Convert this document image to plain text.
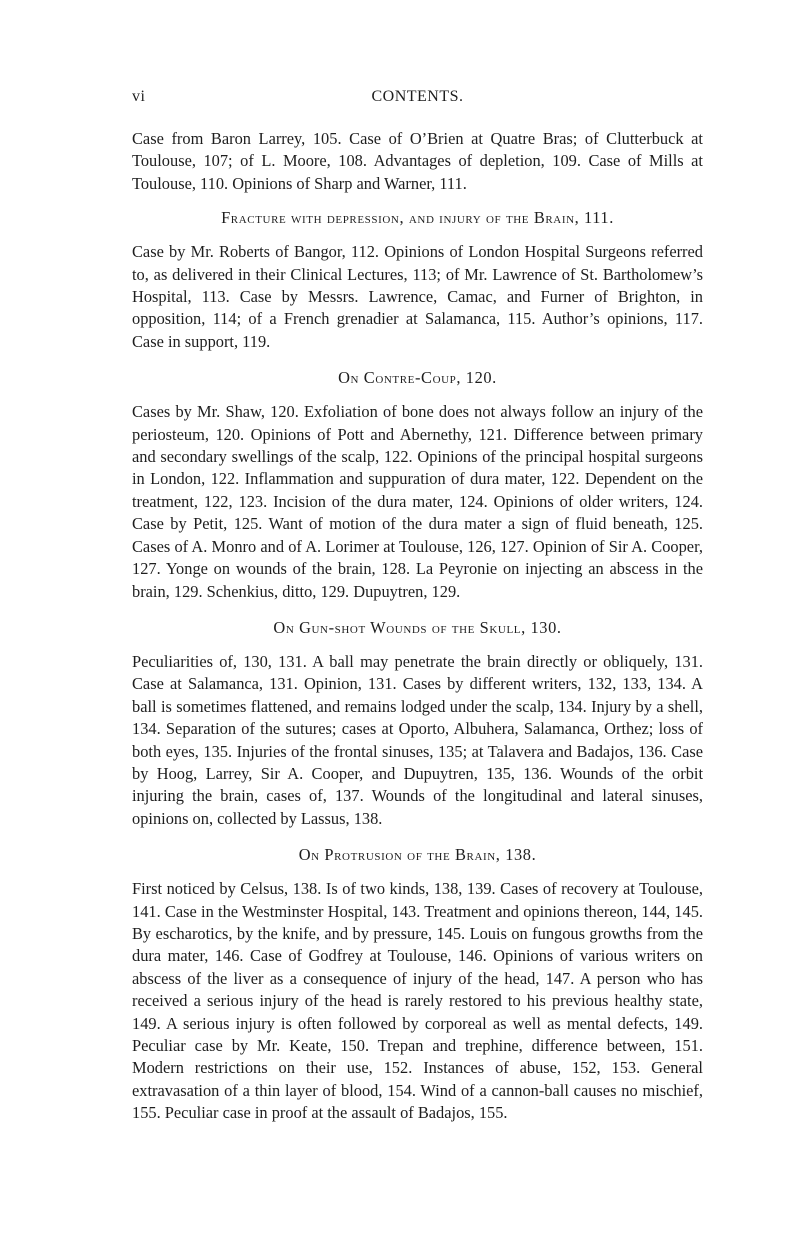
vi	CONTENTS.

Case from Baron Larrey, 105. Case of O’Brien at Quatre Bras; of Clutterbuck at Toulouse, 107; of L. Moore, 108. Advantages of depletion, 109. Case of Mills at Toulouse, 110. Opinions of Sharp and Warner, 111.

Fracture with depression, and injury of the Brain, 111.

Case by Mr. Roberts of Bangor, 112. Opinions of London Hospital Surgeons referred to, as delivered in their Clinical Lectures, 113; of Mr. Lawrence of St. Bartholomew’s Hospital, 113. Case by Messrs. Lawrence, Camac, and Furner of Brighton, in opposition, 114; of a French grenadier at Salamanca, 115. Author’s opinions, 117. Case in support, 119.

On Contre-Coup, 120.

Cases by Mr. Shaw, 120. Exfoliation of bone does not always follow an injury of the periosteum, 120. Opinions of Pott and Abernethy, 121. Difference between primary and secondary swellings of the scalp, 122. Opinions of the principal hospital surgeons in London, 122. Inflammation and suppuration of dura mater, 122. Dependent on the treatment, 122, 123. Incision of the dura mater, 124. Opinions of older writers, 124. Case by Petit, 125. Want of motion of the dura mater a sign of fluid beneath, 125. Cases of A. Monro and of A. Lorimer at Toulouse, 126, 127. Opinion of Sir A. Cooper, 127. Yonge on wounds of the brain, 128. La Peyronie on injecting an abscess in the brain, 129. Schenkius, ditto, 129. Dupuytren, 129.

On Gun-shot Wounds of the Skull, 130.

Peculiarities of, 130, 131. A ball may penetrate the brain directly or obliquely, 131. Case at Salamanca, 131. Opinion, 131. Cases by different writers, 132, 133, 134. A ball is sometimes flattened, and remains lodged under the scalp, 134. Injury by a shell, 134. Separation of the sutures; cases at Oporto, Albuhera, Salamanca, Orthez; loss of both eyes, 135. Injuries of the frontal sinuses, 135; at Talavera and Badajos, 136. Case by Hoog, Larrey, Sir A. Cooper, and Dupuytren, 135, 136. Wounds of the orbit injuring the brain, cases of, 137. Wounds of the longitudinal and lateral sinuses, opinions on, collected by Lassus, 138.

On Protrusion of the Brain, 138.

First noticed by Celsus, 138. Is of two kinds, 138, 139. Cases of recovery at Toulouse, 141. Case in the Westminster Hospital, 143. Treatment and opinions thereon, 144, 145. By escharotics, by the knife, and by pressure, 145. Louis on fungous growths from the dura mater, 146. Case of Godfrey at Toulouse, 146. Opinions of various writers on abscess of the liver as a consequence of injury of the head, 147. A person who has received a serious injury of the head is rarely restored to his previous healthy state, 149. A serious injury is often followed by corporeal as well as mental defects, 149. Peculiar case by Mr. Keate, 150. Trepan and trephine, difference between, 151. Modern restrictions on their use, 152. Instances of abuse, 152, 153. General extravasation of a thin layer of blood, 154. Wind of a cannon-ball causes no mischief, 155. Peculiar case in proof at the assault of Badajos, 155.
